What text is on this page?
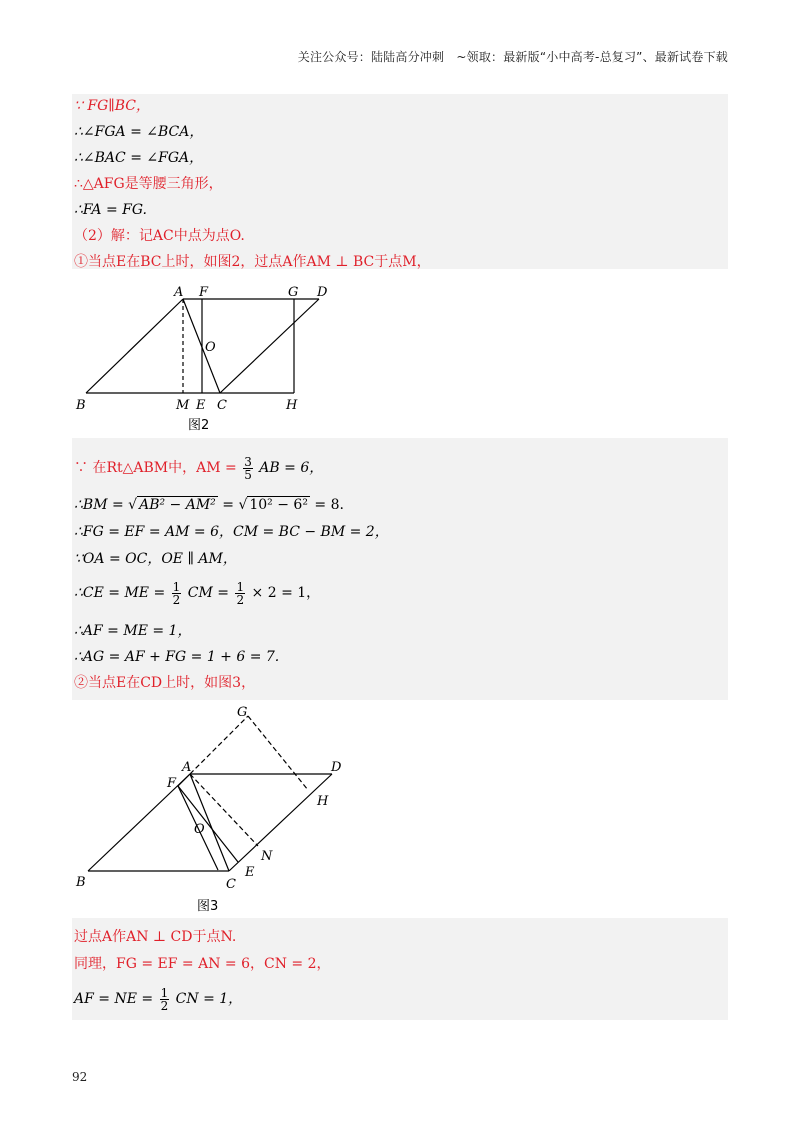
关注公众号：陆陆高分冲刺　~领取：最新版“小中高考-总复习”、最新试卷下载
∵ FG∥BC，
∴∠FGA = ∠BCA，
∴∠BAC = ∠FGA，
∴△AFG是等腰三角形，
∴FA = FG.
（2）解：记AC中点为点O.
①当点E在BC上时，如图2，过点A作AM ⊥ BC于点M，
A F	G D
O
B	M E C	H
图2
∵ 在Rt△ABM中，AM = $\frac{3}{5}$ AB = 6，
∴BM = √ AB² − AM² = √ 10² − 6² = 8.
∴FG = EF = AM = 6，CM = BC − BM = 2，
∵OA = OC，OE ∥ AM，
∴CE = ME = $\frac{1}{2}$ CM = $\frac{1}{2} \times 2 = 1$，
∴AF = ME = 1，
∴AG = AF + FG = 1 + 6 = 7.
②当点E在CD上时，如图3，
G
A	D
F
H
O
N
B	C
E
图3
过点A作AN ⊥ CD于点N.
同理，FG = EF = AN = 6，CN = 2，
AF = NE = $\frac{1}{2}$ CN = 1，
92
